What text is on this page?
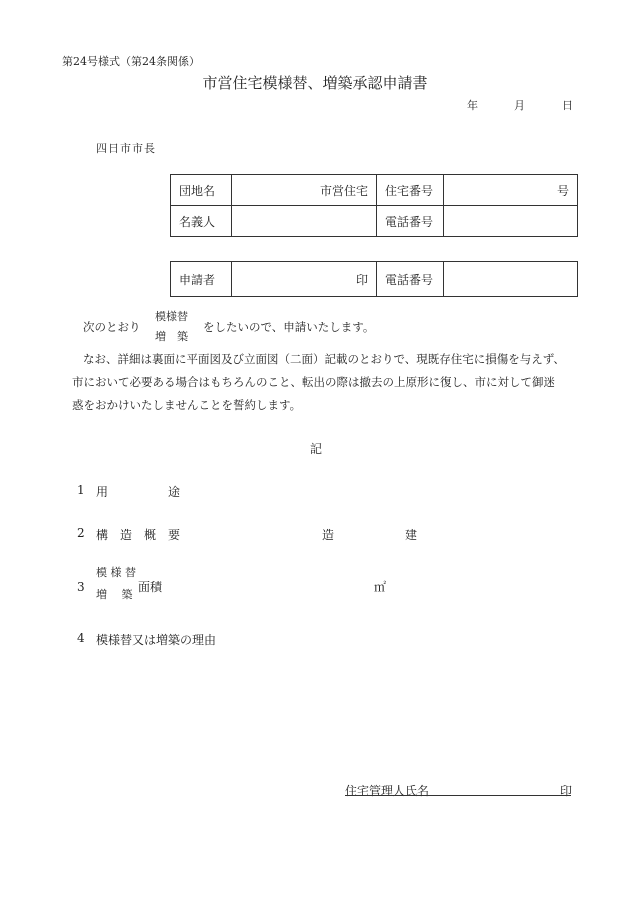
第24号様式（第24条関係）
市営住宅模様替、増築承認申請書
年	月	日
四日市市長
団地名	市営住宅	住宅番号	号
名義人		電話番号	
申請者	印	電話番号	
次のとおり
模様替
増　築
をしたいので、申請いたします。
なお、詳細は裏面に平面図及び立面図（二面）記載のとおりで、現既存住宅に損傷を与えず、
市において必要ある場合はもちろんのこと、転出の際は撤去の上原形に復し、市に対して御迷
惑をおかけいたしませんことを誓約します。
記
1 用	途
2 構　造　概　要	造	建
3
模 様 替
増　 築
面積	㎡
4 模様替又は増築の理由
住宅管理人氏名	印
